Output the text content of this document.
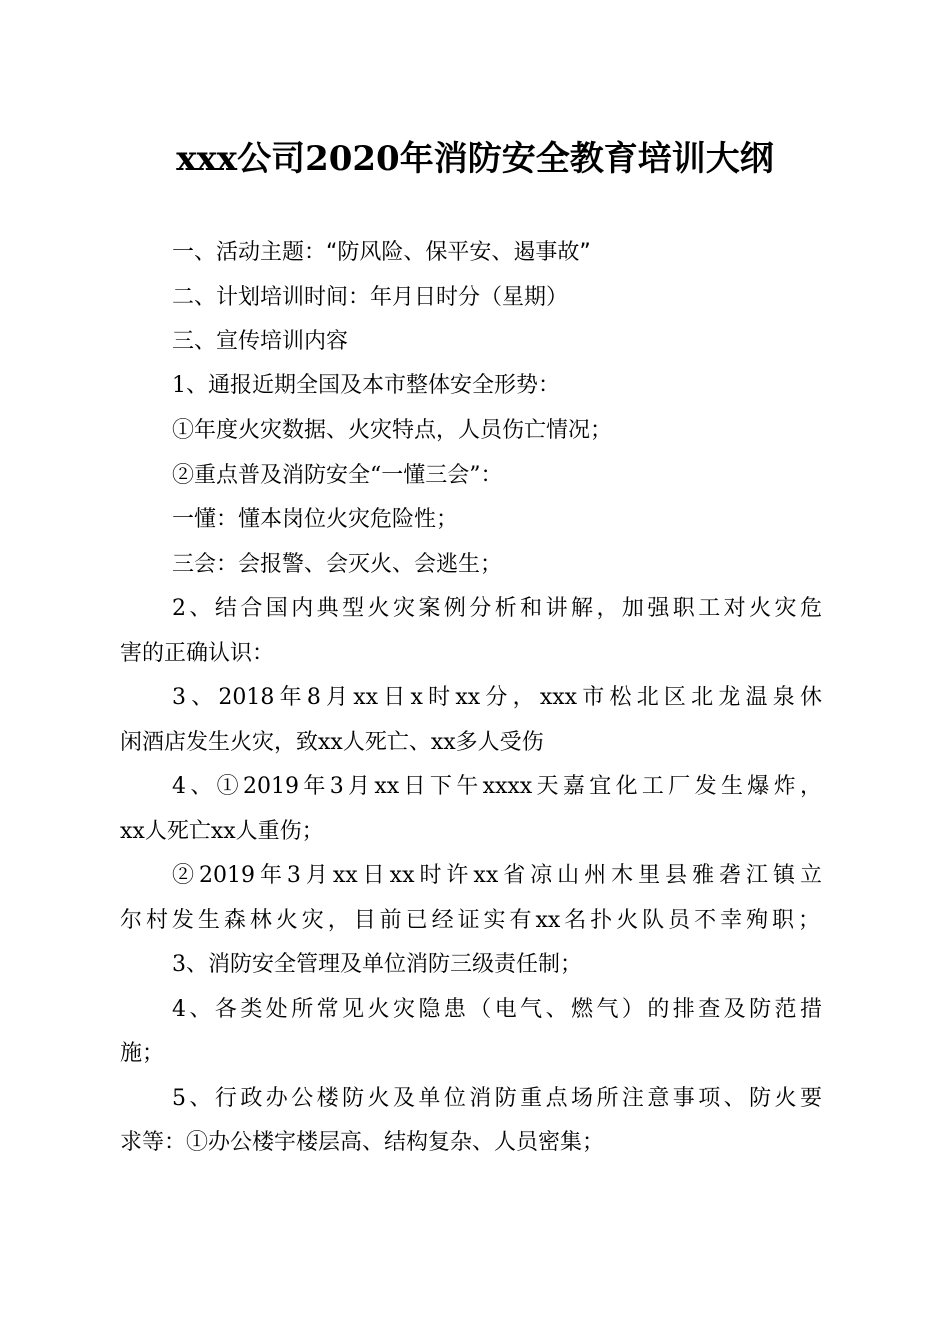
xxx公司2020年消防安全教育培训大纲
一、活动主题：“防风险、保平安、遏事故”
二、计划培训时间：年月日时分（星期）
三、宣传培训内容
1、通报近期全国及本市整体安全形势：
①年度火灾数据、火灾特点，人员伤亡情况；
②重点普及消防安全“一懂三会”：
一懂：懂本岗位火灾危险性；
三会：会报警、会灭火、会逃生；
2、结合国内典型火灾案例分析和讲解，加强职工对火灾危
害的正确认识：
3、2018年8月xx日x时xx分，xxx市松北区北龙温泉休
闲酒店发生火灾，致xx人死亡、xx多人受伤
4、①2019年3月xx日下午xxxx天嘉宜化工厂发生爆炸，
xx人死亡xx人重伤；
②2019年3月xx日xx时许xx省凉山州木里县雅砻江镇立
尔村发生森林火灾，目前已经证实有xx名扑火队员不幸殉职；
3、消防安全管理及单位消防三级责任制；
4、各类处所常见火灾隐患（电气、燃气）的排查及防范措
施；
5、行政办公楼防火及单位消防重点场所注意事项、防火要
求等：①办公楼宇楼层高、结构复杂、人员密集；
